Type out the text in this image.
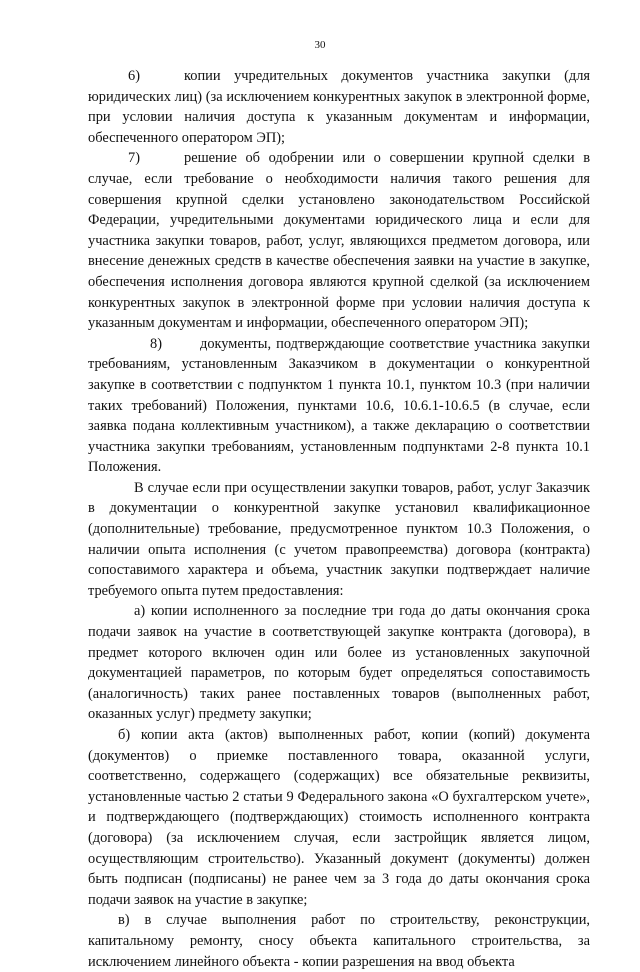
30

6)	копии учредительных документов участника закупки (для юридических лиц) (за исключением конкурентных закупок в электронной форме, при условии наличия доступа к указанным документам и информации, обеспеченного оператором ЭП);

7)	решение об одобрении или о совершении крупной сделки в случае, если требование о необходимости наличия такого решения для совершения крупной сделки установлено законодательством Российской Федерации, учредительными документами юридического лица и если для участника закупки товаров, работ, услуг, являющихся предметом договора, или внесение денежных средств в качестве обеспечения заявки на участие в закупке, обеспечения исполнения договора являются крупной сделкой (за исключением конкурентных закупок в электронной форме при условии наличия доступа к указанным документам и информации, обеспеченного оператором ЭП);

8)	документы, подтверждающие соответствие участника закупки требованиям, установленным Заказчиком в документации о конкурентной закупке в соответствии с подпунктом 1 пункта 10.1, пунктом 10.3 (при наличии таких требований) Положения, пунктами 10.6, 10.6.1-10.6.5 (в случае, если заявка подана коллективным участником), а также декларацию о соответствии участника закупки требованиям, установленным подпунктами 2-8 пункта 10.1 Положения.

В случае если при осуществлении закупки товаров, работ, услуг Заказчик в документации о конкурентной закупке установил квалификационное (дополнительные) требование, предусмотренное пунктом 10.3 Положения, о наличии опыта исполнения (с учетом правопреемства) договора (контракта) сопоставимого характера и объема, участник закупки подтверждает наличие требуемого опыта путем предоставления:

а) копии исполненного за последние три года до даты окончания срока подачи заявок на участие в соответствующей закупке контракта (договора), в предмет которого включен один или более из установленных закупочной документацией параметров, по которым будет определяться сопоставимость (аналогичность) таких ранее поставленных товаров (выполненных работ, оказанных услуг) предмету закупки;

б) копии акта (актов) выполненных работ, копии (копий) документа (документов) о приемке поставленного товара, оказанной услуги, соответственно, содержащего (содержащих) все обязательные реквизиты, установленные частью 2 статьи 9 Федерального закона «О бухгалтерском учете», и подтверждающего (подтверждающих) стоимость исполненного контракта (договора) (за исключением случая, если застройщик является лицом, осуществляющим строительство). Указанный документ (документы) должен быть подписан (подписаны) не ранее чем за 3 года до даты окончания срока подачи заявок на участие в закупке;

в) в случае выполнения работ по строительству, реконструкции, капитальному ремонту, сносу объекта капитального строительства, за исключением линейного объекта - копии разрешения на ввод объекта
